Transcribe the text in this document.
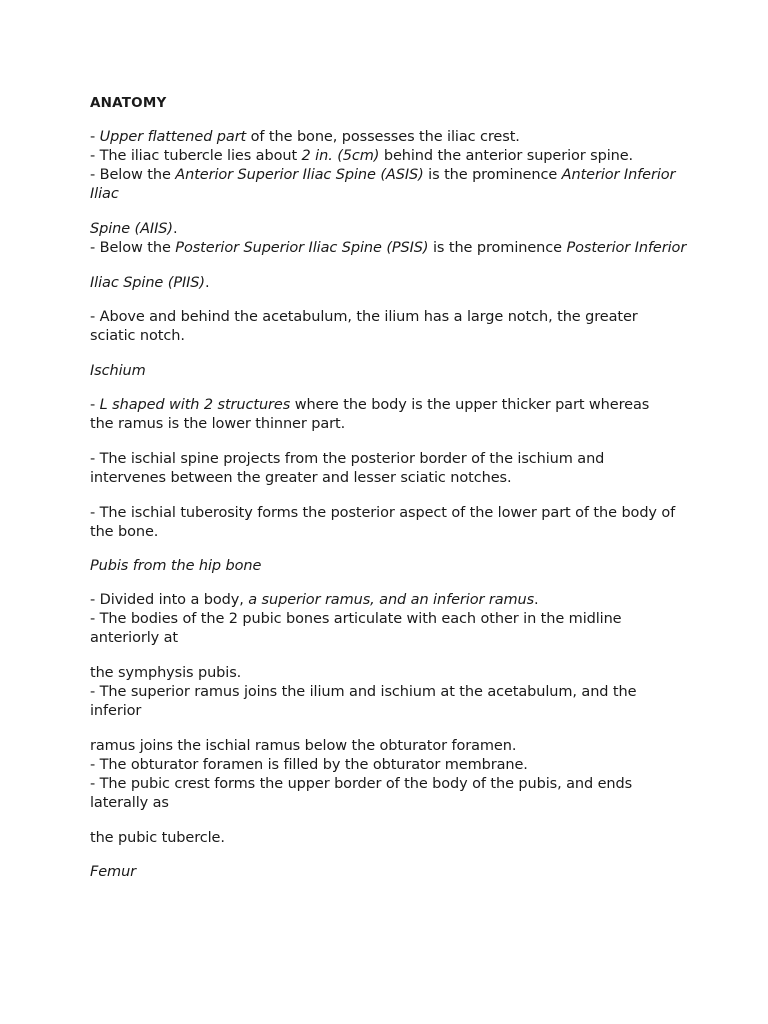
ANATOMY
- Upper flattened part of the bone, possesses the iliac crest.
- The iliac tubercle lies about 2 in. (5cm) behind the anterior superior spine.
- Below the Anterior Superior Iliac Spine (ASIS) is the prominence Anterior Inferior
Iliac
Spine (AIIS).
- Below the Posterior Superior Iliac Spine (PSIS) is the prominence Posterior Inferior
Iliac Spine (PIIS).
- Above and behind the acetabulum, the ilium has a large notch, the greater
sciatic notch.
Ischium
- L shaped with 2 structures where the body is the upper thicker part whereas
the ramus is the lower thinner part.
- The ischial spine projects from the posterior border of the ischium and
intervenes between the greater and lesser sciatic notches.
- The ischial tuberosity forms the posterior aspect of the lower part of the body of
the bone.
Pubis from the hip bone
- Divided into a body, a superior ramus, and an inferior ramus.
- The bodies of the 2 pubic bones articulate with each other in the midline
anteriorly at
the symphysis pubis.
- The superior ramus joins the ilium and ischium at the acetabulum, and the
inferior
ramus joins the ischial ramus below the obturator foramen.
- The obturator foramen is filled by the obturator membrane.
- The pubic crest forms the upper border of the body of the pubis, and ends
laterally as
the pubic tubercle.
Femur
